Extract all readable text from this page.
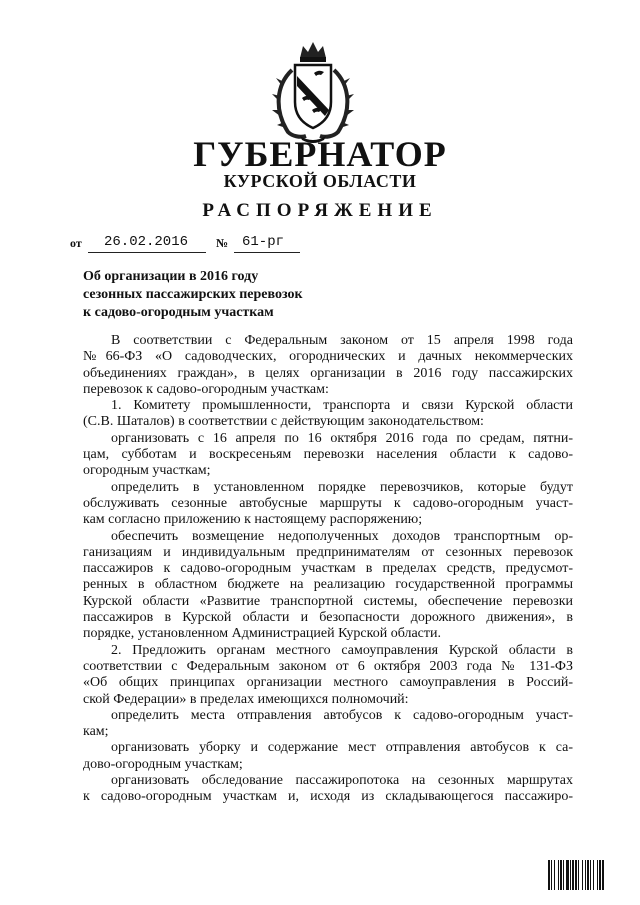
ГУБЕРНАТОР
КУРСКОЙ ОБЛАСТИ
РАСПОРЯЖЕНИЕ
от 26.02.2016 № 61-рг
Об организации в 2016 году
сезонных пассажирских перевозок
к садово-огородным участкам
В соответствии с Федеральным законом от 15 апреля 1998 года
№66-ФЗ «О садоводческих, огороднических и дачных некоммерческих
объединениях граждан», в целях организации в 2016 году пассажирских
перевозок к садово-огородным участкам:
1. Комитету промышленности, транспорта и связи Курской области
(С.В. Шаталов) в соответствии с действующим законодательством:
организовать с 16 апреля по 16 октября 2016 года по средам, пятни-
цам, субботам и воскресеньям перевозки населения области к садово-
огородным участкам;
определить в установленном порядке перевозчиков, которые будут
обслуживать сезонные автобусные маршруты к садово-огородным участ-
кам согласно приложению к настоящему распоряжению;
обеспечить возмещение недополученных доходов транспортным ор-
ганизациям и индивидуальным предпринимателям от сезонных перевозок
пассажиров к садово-огородным участкам в пределах средств, предусмот-
ренных в областном бюджете на реализацию государственной программы
Курской области «Развитие транспортной системы, обеспечение перевозки
пассажиров в Курской области и безопасности дорожного движения», в
порядке, установленном Администрацией Курской области.
2. Предложить органам местного самоуправления Курской области в
соответствии с Федеральным законом от 6 октября 2003 года № 131-ФЗ
«Об общих принципах организации местного самоуправления в Россий-
ской Федерации» в пределах имеющихся полномочий:
определить места отправления автобусов к садово-огородным участ-
кам;
организовать уборку и содержание мест отправления автобусов к са-
дово-огородным участкам;
организовать обследование пассажиропотока на сезонных маршрутах
к садово-огородным участкам и, исходя из складывающегося пассажиро-
